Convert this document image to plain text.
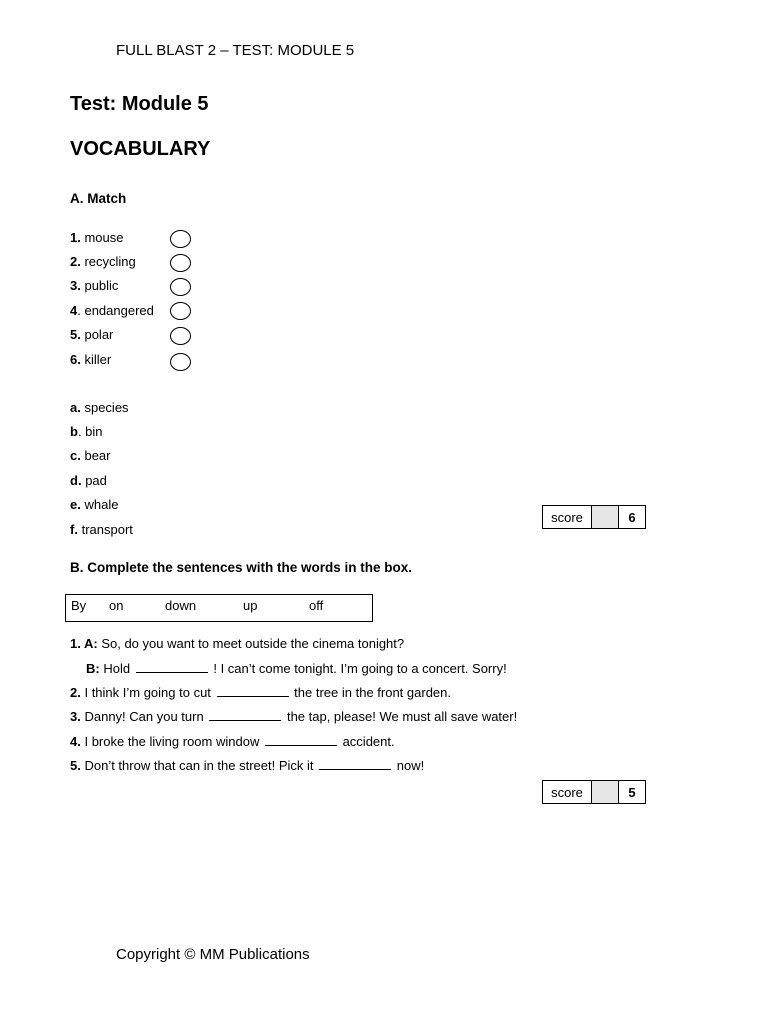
FULL BLAST 2 – TEST: MODULE 5
Test: Module 5
VOCABULARY
A. Match
1. mouse
2. recycling
3. public
4. endangered
5. polar
6. killer
a. species
b. bin
c. bear
d. pad
e. whale
f. transport
score	6
B. Complete the sentences with the words in the box.
By on	down	up	off
1. A: So, do you want to meet outside the cinema tonight?
B: Hold	! I can’t come tonight. I’m going to a concert. Sorry!
2. I think I’m going to cut	the tree in the front garden.
3. Danny! Can you turn	the tap, please! We must all save water!
4. I broke the living room window	accident.
5. Don’t throw that can in the street! Pick it	now!
score	5
Copyright © MM Publications
